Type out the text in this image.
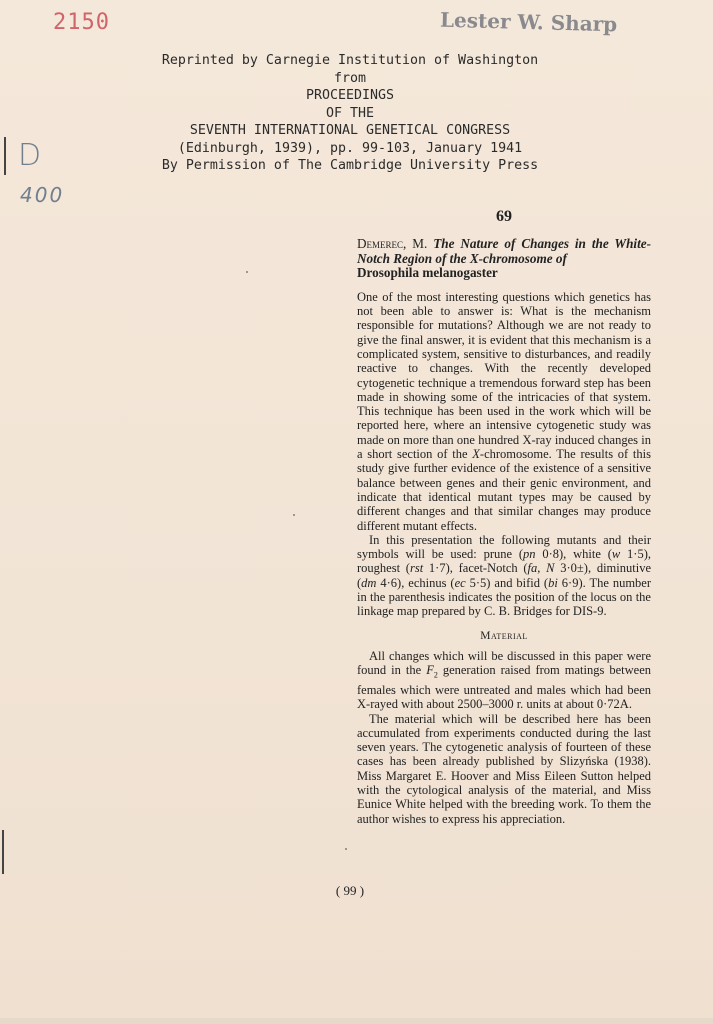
2150	Lester W. Sharp
D
400
Reprinted by Carnegie Institution of Washington
from
PROCEEDINGS
OF THE
SEVENTH INTERNATIONAL GENETICAL CONGRESS
(Edinburgh, 1939), pp. 99-103, January 1941
By Permission of The Cambridge University Press
69
Demerec, M. The Nature of Changes in the White-Notch Region of the X-chromosome of
Drosophila melanogaster

One of the most interesting questions which genetics has not been able to answer is: What is the mechanism responsible for mutations? Although we are not ready to give the final answer, it is evident that this mechanism is a complicated system, sensitive to disturbances, and readily reactive to changes. With the recently developed cytogenetic technique a tremendous forward step has been made in showing some of the intricacies of that system. This technique has been used in the work which will be reported here, where an intensive cytogenetic study was made on more than one hundred X-ray induced changes in a short section of the X-chromosome. The results of this study give further evidence of the existence of a sensitive balance between genes and their genic environment, and indicate that identical mutant types may be caused by different changes and that similar changes may produce different mutant effects.

In this presentation the following mutants and their symbols will be used: prune (pn 0·8), white (w 1·5), roughest (rst 1·7), facet-Notch (fa, N 3·0±), diminutive (dm 4·6), echinus (ec 5·5) and bifid (bi 6·9). The number in the parenthesis indicates the position of the locus on the linkage map prepared by C. B. Bridges for DIS-9.

Material

All changes which will be discussed in this paper were found in the $F_2$ generation raised from matings between females which were untreated and males which had been X-rayed with about 2500–3000 r. units at about 0·72A.

The material which will be described here has been accumulated from experiments conducted during the last seven years. The cytogenetic analysis of fourteen of these cases has been already published by Slizyńska (1938). Miss Margaret E. Hoover and Miss Eileen Sutton helped with the cytological analysis of the material, and Miss Eunice White helped with the breeding work. To them the author wishes to express his appreciation.

( 99 )
